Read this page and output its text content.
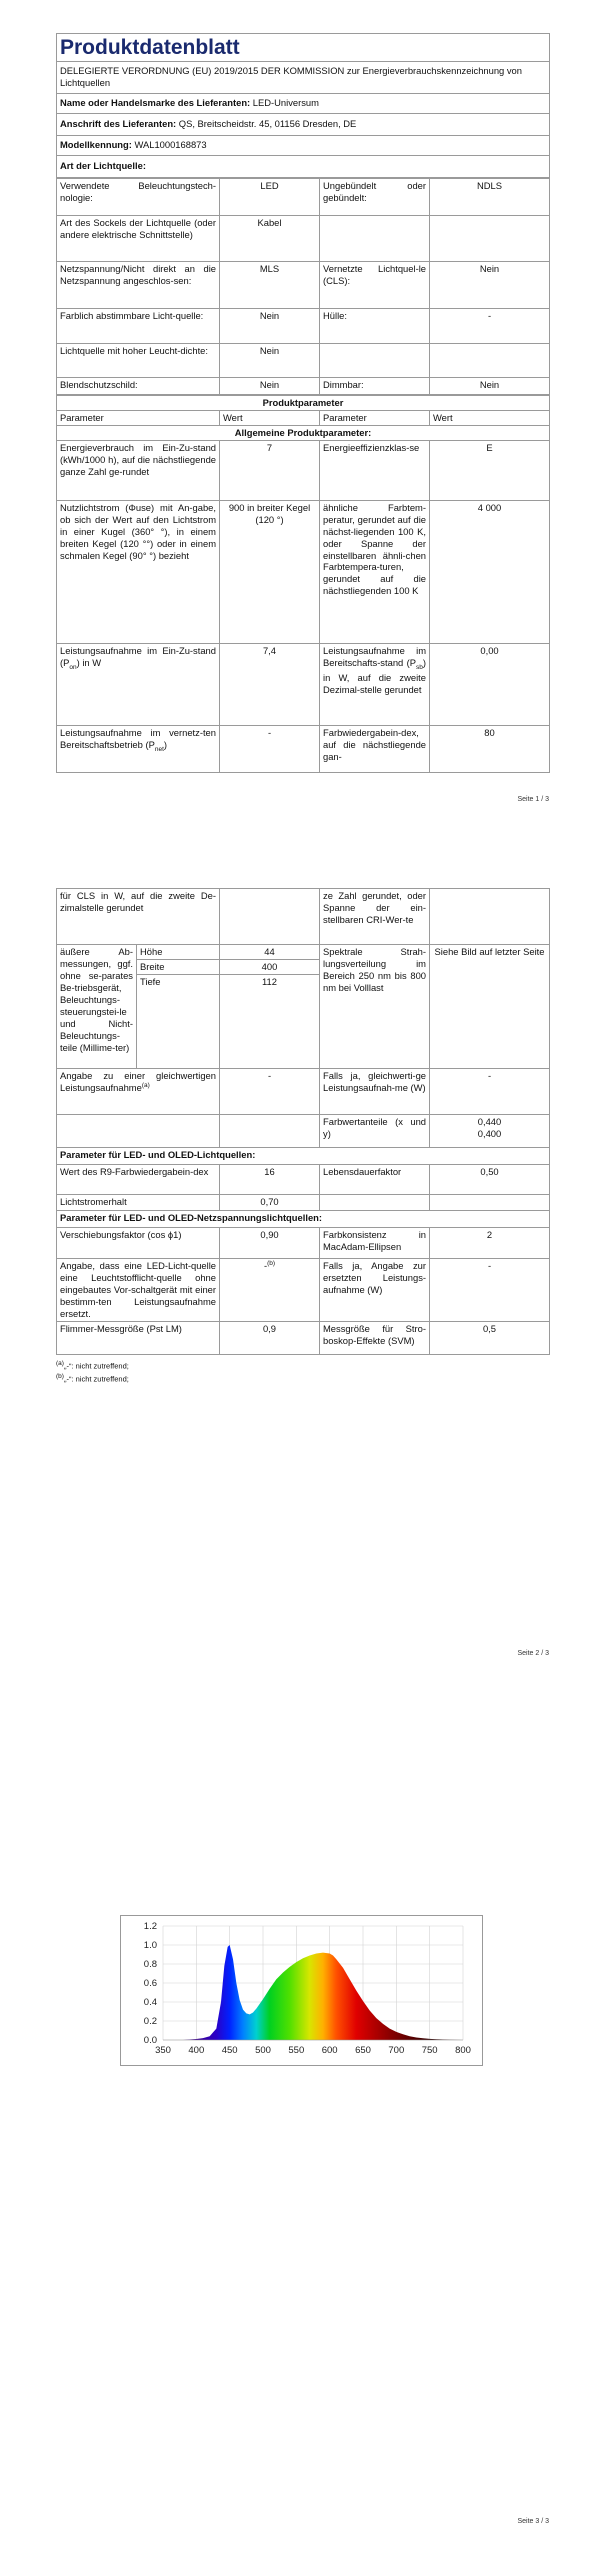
Produktdatenblatt
DELEGIERTE VERORDNUNG (EU) 2019/2015 DER KOMMISSION zur Energieverbrauchskennzeichnung von Lichtquellen
Name oder Handelsmarke des Lieferanten: LED-Universum
Anschrift des Lieferanten: QS, Breitscheidstr. 45, 01156 Dresden, DE
Modellkennung: WAL1000168873
Art der Lichtquelle:
Verwendete Beleuchtungstech-nologie:	LED	Ungebündelt oder gebündelt:	NDLS
Art des Sockels der Lichtquelle (oder andere elektrische Schnittstelle)	Kabel		
Netzspannung/Nicht direkt an die Netzspannung angeschlos-sen:	MLS	Vernetzte Lichtquel-le (CLS):	Nein
Farblich abstimmbare Licht-quelle:	Nein	Hülle:	-
Lichtquelle mit hoher Leucht-dichte:	Nein		
Blendschutzschild:	Nein	Dimmbar:	Nein
Produktparameter			
Parameter	Wert	Parameter	Wert
Allgemeine Produktparameter:			
Energieverbrauch im Ein-Zu-stand (kWh/1000 h), auf die nächstliegende ganze Zahl ge-rundet	7	Energieeffizienzklas-se	E
Nutzlichtstrom (Φuse) mit An-gabe, ob sich der Wert auf den Lichtstrom in einer Kugel (360° °), in einem breiten Kegel (120 °°) oder in einem schmalen Kegel (90° °) bezieht	900 in breiter Kegel (120 °)	ähnliche Farbtem-peratur, gerundet auf die nächst-liegenden 100 K, oder Spanne der einstellbaren ähnli-chen Farbtempera-turen, gerundet auf die nächstliegenden 100 K	4 000
Leistungsaufnahme im Ein-Zu-stand $(P_{on})$ in W	7,4	Leistungsaufnahme im Bereitschafts-stand $(P_{sb})$ in W, auf die zweite Dezimal-stelle gerundet	0,00
Leistungsaufnahme im vernetz-ten Bereitschaftsbetrieb $(P_{net})$	-	Farbwiedergabein-dex, auf die nächstliegende gan-	80
Seite 1 / 3
für CLS in W, auf die zweite De-zimalstelle gerundet			ze Zahl gerundet, oder Spanne der ein-stellbaren CRI-Wer-te	
äußere Ab-messungen, ggf. ohne se-parates Be-triebsgerät, Beleuchtungs-steuerungstei-le und Nicht-Beleuchtungs-teile (Millime-ter)	Höhe	44	Spektrale Strah-lungsverteilung im Bereich 250 nm bis 800 nm bei Volllast	Siehe Bild auf letzter Seite
	Breite	400		
	Tiefe	112		
Angabe zu einer gleichwertigen Leistungsaufnahme$^{(a)}$		-	Falls ja, gleichwerti-ge Leistungsaufnah-me (W)	-
			Farbwertanteile (x und y)	0,440
0,400
Parameter für LED- und OLED-Lichtquellen:				
Wert des R9-Farbwiedergabein-dex		16	Lebensdauerfaktor	0,50
Lichtstromerhalt		0,70		
Parameter für LED- und OLED-Netzspannungslichtquellen:				
Verschiebungsfaktor (cos ϕ1)		0,90	Farbkonsistenz in MacAdam-Ellipsen	2
Angabe, dass eine LED-Licht-quelle eine Leuchtstofflicht-quelle ohne eingebautes Vor-schaltgerät mit einer bestimm-ten Leistungsaufnahme ersetzt.		-$^{(b)}$	Falls ja, Angabe zur ersetzten Leistungs-aufnahme (W)	-
Flimmer-Messgröße (Pst LM)		0,9	Messgröße für Stro-boskop-Effekte (SVM)	0,5
(a)„-“: nicht zutreffend;
(b)„-“: nicht zutreffend;
Seite 2 / 3
0.0
0.2
0.4
0.6
0.8
1.0
1.2
350 400 450 500 550 600 650 700 750 800
Seite 3 / 3
